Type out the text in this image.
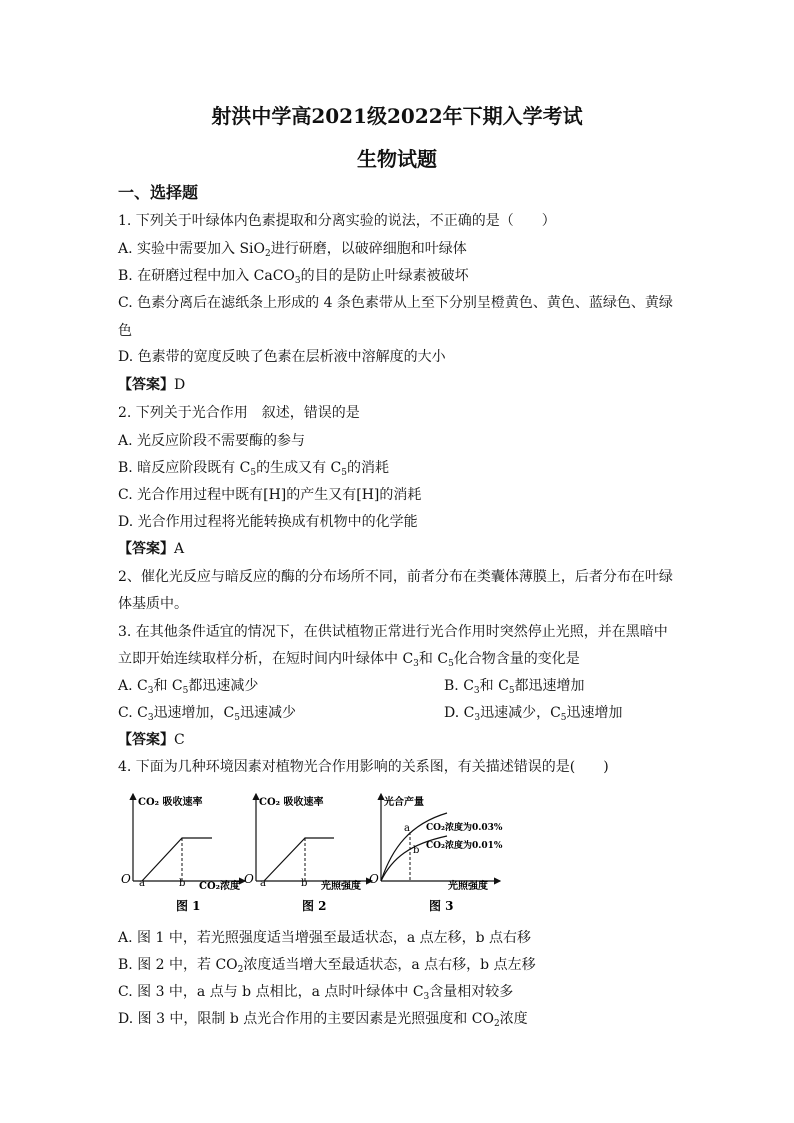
射洪中学高2021级2022年下期入学考试
生物试题
一、选择题
1. 下列关于叶绿体内色素提取和分离实验的说法，不正确的是（　　）
A. 实验中需要加入 SiO$_2$进行研磨，以破碎细胞和叶绿体
B. 在研磨过程中加入 CaCO$_3$的目的是防止叶绿素被破坏
C. 色素分离后在滤纸条上形成的 4 条色素带从上至下分别呈橙黄色、黄色、蓝绿色、黄绿
色
D. 色素带的宽度反映了色素在层析液中溶解度的大小
【答案】D
2. 下列关于光合作用　叙述，错误的是
A. 光反应阶段不需要酶的参与
B. 暗反应阶段既有 $C_5$的生成又有 $C_5$的消耗
C. 光合作用过程中既有[H]的产生又有[H]的消耗
D. 光合作用过程将光能转换成有机物中的化学能
【答案】A
2、催化光反应与暗反应的酶的分布场所不同，前者分布在类囊体薄膜上，后者分布在叶绿
体基质中。
3. 在其他条件适宜的情况下，在供试植物正常进行光合作用时突然停止光照，并在黑暗中
立即开始连续取样分析，在短时间内叶绿体中 $C_3$和 $C_5$化合物含量的变化是
A. $C_3$和 $C_5$都迅速减少	B. $C_3$和 $C_5$都迅速增加
C. $C_3$迅速增加，$C_5$迅速减少	D. $C_3$迅速减少，$C_5$迅速增加
【答案】C
4. 下面为几种环境因素对植物光合作用影响的关系图，有关描述错误的是(　　)
CO₂ 吸收速率
O a	b CO₂浓度
CO₂ 吸收速率
O a	b 光照强度
光合产量
O
a
b
CO₂浓度为0.03%
CO₂浓度为0.01%
光照强度
图 1	图 2	图 3
A. 图 1 中，若光照强度适当增强至最适状态，a 点左移，b 点右移
B. 图 2 中，若 $CO_2$浓度适当增大至最适状态，a 点右移，b 点左移
C. 图 3 中，a 点与 b 点相比，a 点时叶绿体中 $C_3$含量相对较多
D. 图 3 中，限制 b 点光合作用的主要因素是光照强度和 $CO_2$浓度
